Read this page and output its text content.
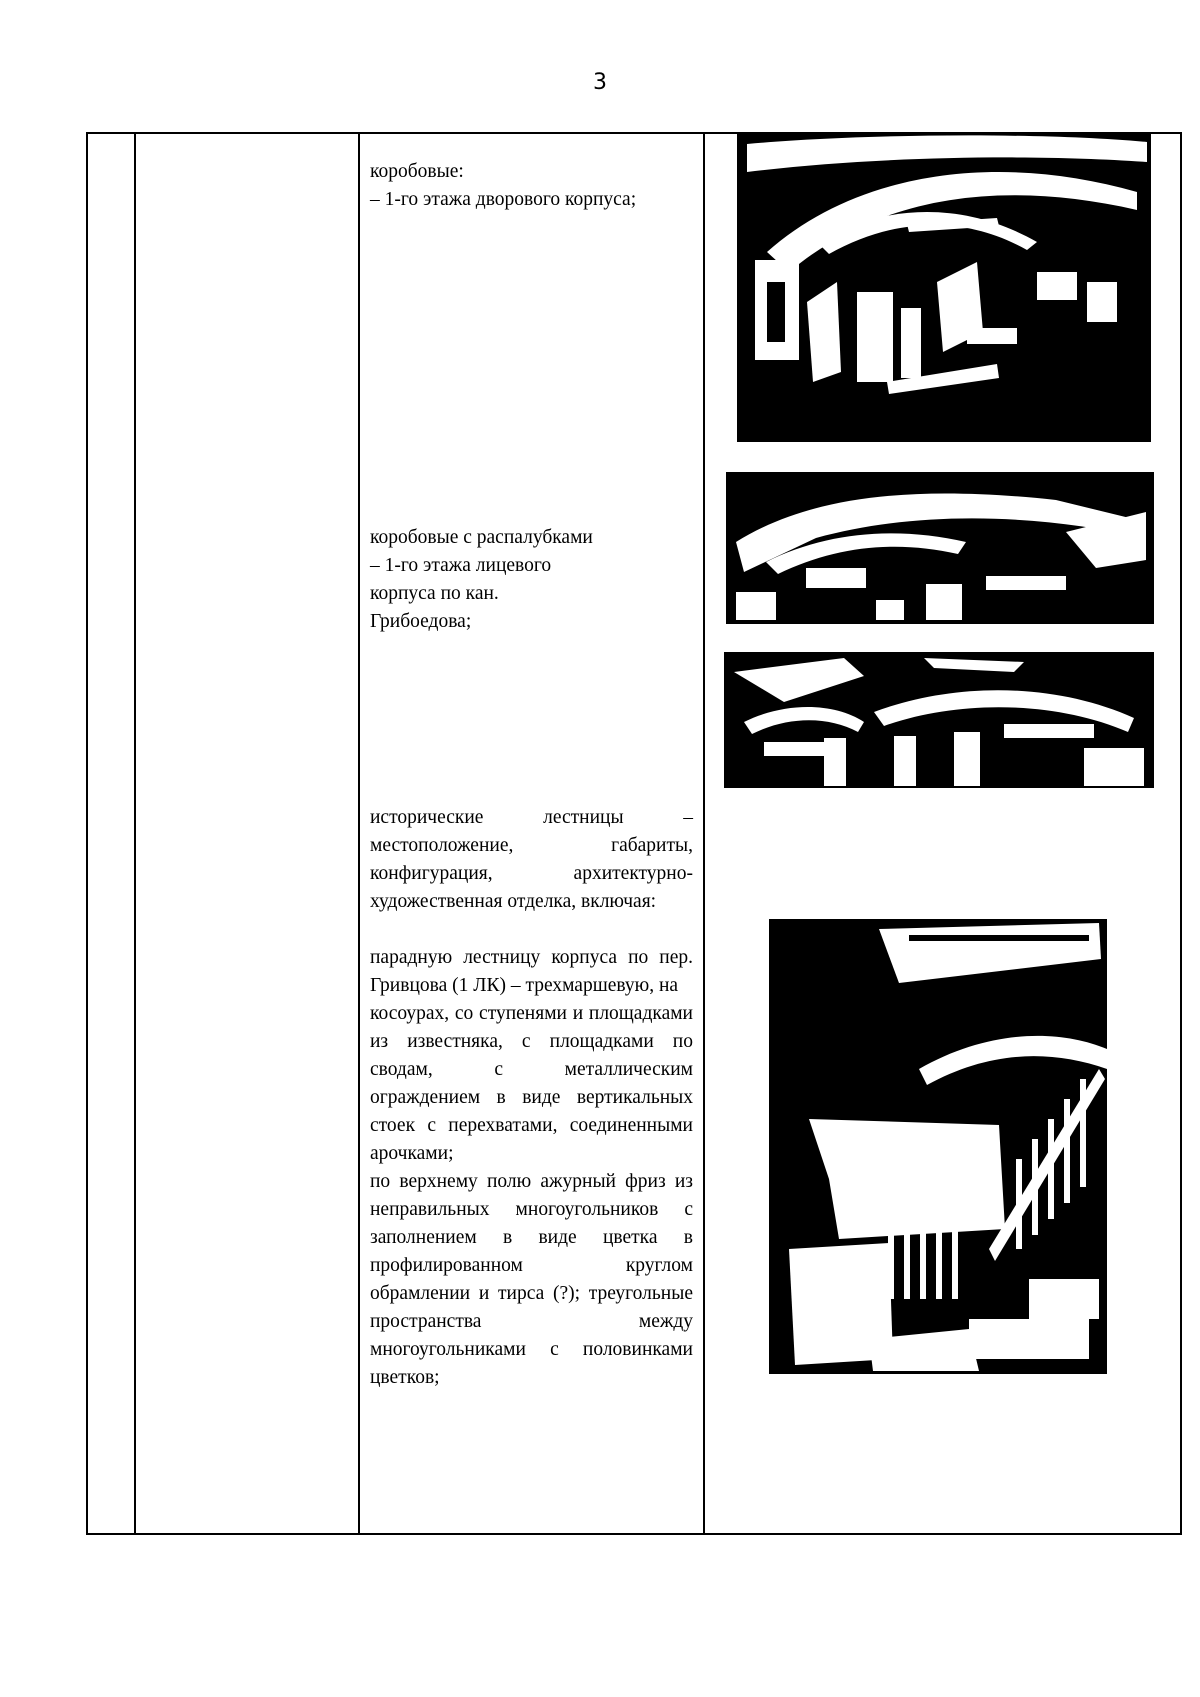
3

коробовые:

– 1-го этажа дворового корпуса;

коробовые с распалубками

– 1-го этажа лицевого

корпуса по кан.

Грибоедова;

исторические лестницы – местоположение, габариты, конфигурация, архитектурно-художественная отделка, включая:

парадную лестницу корпуса по пер. Гривцова (1 ЛК) – трехмаршевую, на

косоурах, со ступенями и площадками из известняка, с площадками по сводам, с металлическим ограждением в виде вертикальных стоек с перехватами, соединенными арочками;

по верхнему полю ажурный фриз из неправильных многоугольников с заполнением в виде цветка в профилированном круглом обрамлении и тирса (?); треугольные пространства между многоугольниками с половинками цветков;
